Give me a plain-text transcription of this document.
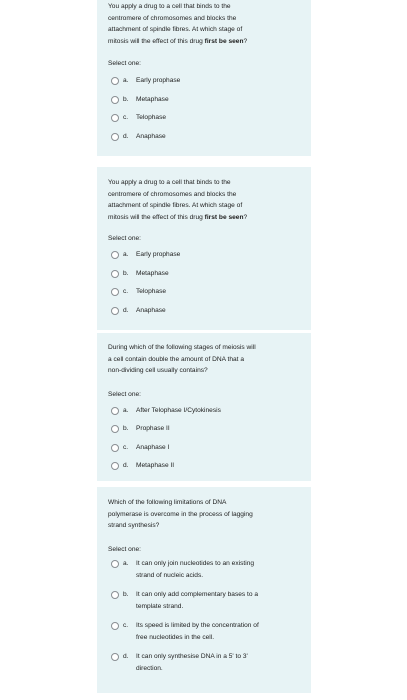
You apply a drug to a cell that binds to the
centromere of chromosomes and blocks the
attachment of spindle fibres. At which stage of
mitosis will the effect of this drug first be seen?
Select one:
a. Early prophase
b. Metaphase
c. Telophase
d. Anaphase
You apply a drug to a cell that binds to the
centromere of chromosomes and blocks the
attachment of spindle fibres. At which stage of
mitosis will the effect of this drug first be seen?
Select one:
a. Early prophase
b. Metaphase
c. Telophase
d. Anaphase
During which of the following stages of meiosis will
a cell contain double the amount of DNA that a
non-dividing cell usually contains?
Select one:
a. After Telophase I/Cytokinesis
b. Prophase II
c. Anaphase I
d. Metaphase II
Which of the following limitations of DNA
polymerase is overcome in the process of lagging
strand synthesis?
Select one:
a. It can only join nucleotides to an existing
strand of nucleic acids.
b. It can only add complementary bases to a
template strand.
c. Its speed is limited by the concentration of
free nucleotides in the cell.
d. It can only synthesise DNA in a 5' to 3'
direction.
